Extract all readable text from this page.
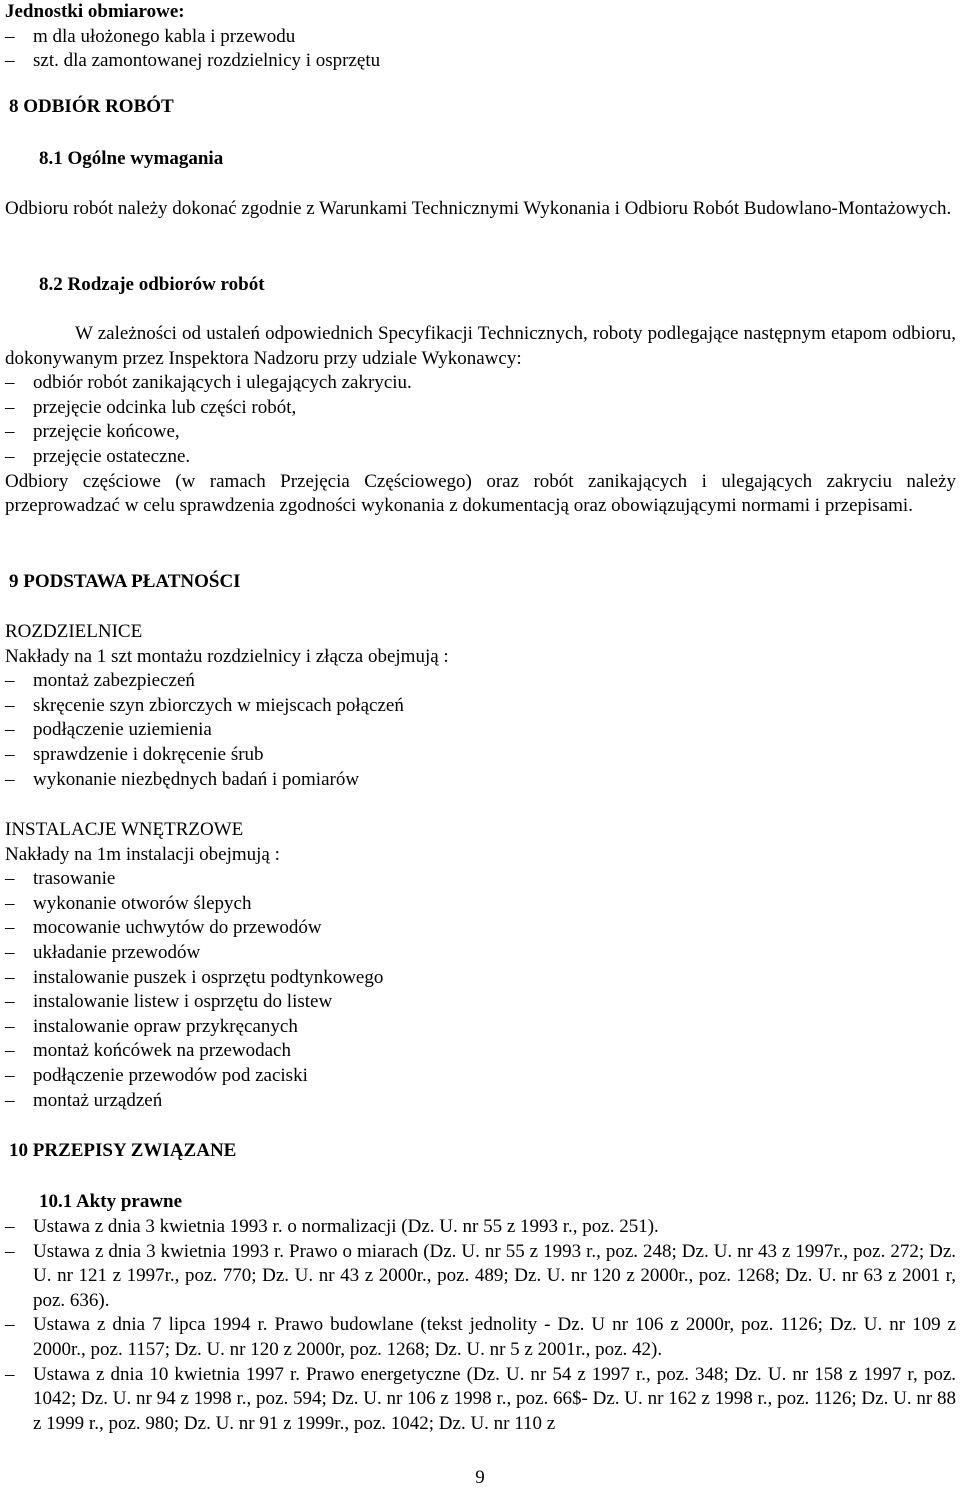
Jednostki obmiarowe:
– m dla ułożonego kabla i przewodu
– szt. dla zamontowanej rozdzielnicy i osprzętu
8 ODBIÓR ROBÓT
8.1 Ogólne wymagania
Odbioru robót należy dokonać zgodnie z Warunkami Technicznymi Wykonania i Odbioru Robót Budowlano-Montażowych.
8.2 Rodzaje odbiorów robót
W zależności od ustaleń odpowiednich Specyfikacji Technicznych, roboty podlegające następnym etapom odbioru, dokonywanym przez Inspektora Nadzoru przy udziale Wykonawcy:
– odbiór robót zanikających i ulegających zakryciu.
– przejęcie odcinka lub części robót,
– przejęcie końcowe,
– przejęcie ostateczne.
Odbiory częściowe (w ramach Przejęcia Częściowego) oraz robót zanikających i ulegających zakryciu należy przeprowadzać w celu sprawdzenia zgodności wykonania z dokumentacją oraz obowiązującymi normami i przepisami.
9 PODSTAWA PŁATNOŚCI
ROZDZIELNICE
Nakłady na 1 szt montażu rozdzielnicy i złącza obejmują :
– montaż zabezpieczeń
– skręcenie szyn zbiorczych w miejscach połączeń
– podłączenie uziemienia
– sprawdzenie i dokręcenie śrub
– wykonanie niezbędnych badań i pomiarów
INSTALACJE WNĘTRZOWE
Nakłady na 1m instalacji obejmują :
– trasowanie
– wykonanie otworów ślepych
– mocowanie uchwytów do przewodów
– układanie przewodów
– instalowanie puszek i osprzętu podtynkowego
– instalowanie listew i osprzętu do listew
– instalowanie opraw przykręcanych
– montaż końcówek na przewodach
– podłączenie przewodów pod zaciski
– montaż urządzeń
10 PRZEPISY ZWIĄZANE
10.1 Akty prawne
– Ustawa z dnia 3 kwietnia 1993 r. o normalizacji (Dz. U. nr 55 z 1993 r., poz. 251).
– Ustawa z dnia 3 kwietnia 1993 r. Prawo o miarach (Dz. U. nr 55 z 1993 r., poz. 248; Dz. U. nr 43 z 1997r., poz. 272; Dz. U. nr 121 z 1997r., poz. 770; Dz. U. nr 43 z 2000r., poz. 489; Dz. U. nr 120 z 2000r., poz. 1268; Dz. U. nr 63 z 2001 r, poz. 636).
– Ustawa z dnia 7 lipca 1994 r. Prawo budowlane (tekst jednolity - Dz. U nr 106 z 2000r, poz. 1126; Dz. U. nr 109 z 2000r., poz. 1157; Dz. U. nr 120 z 2000r, poz. 1268; Dz. U. nr 5 z 2001r., poz. 42).
– Ustawa z dnia 10 kwietnia 1997 r. Prawo energetyczne (Dz. U. nr 54 z 1997 r., poz. 348; Dz. U. nr 158 z 1997 r, poz. 1042; Dz. U. nr 94 z 1998 r., poz. 594; Dz. U. nr 106 z 1998 r., poz. 66$- Dz. U. nr 162 z 1998 r., poz. 1126; Dz. U. nr 88 z 1999 r., poz. 980; Dz. U. nr 91 z 1999r., poz. 1042; Dz. U. nr 110 z
9
